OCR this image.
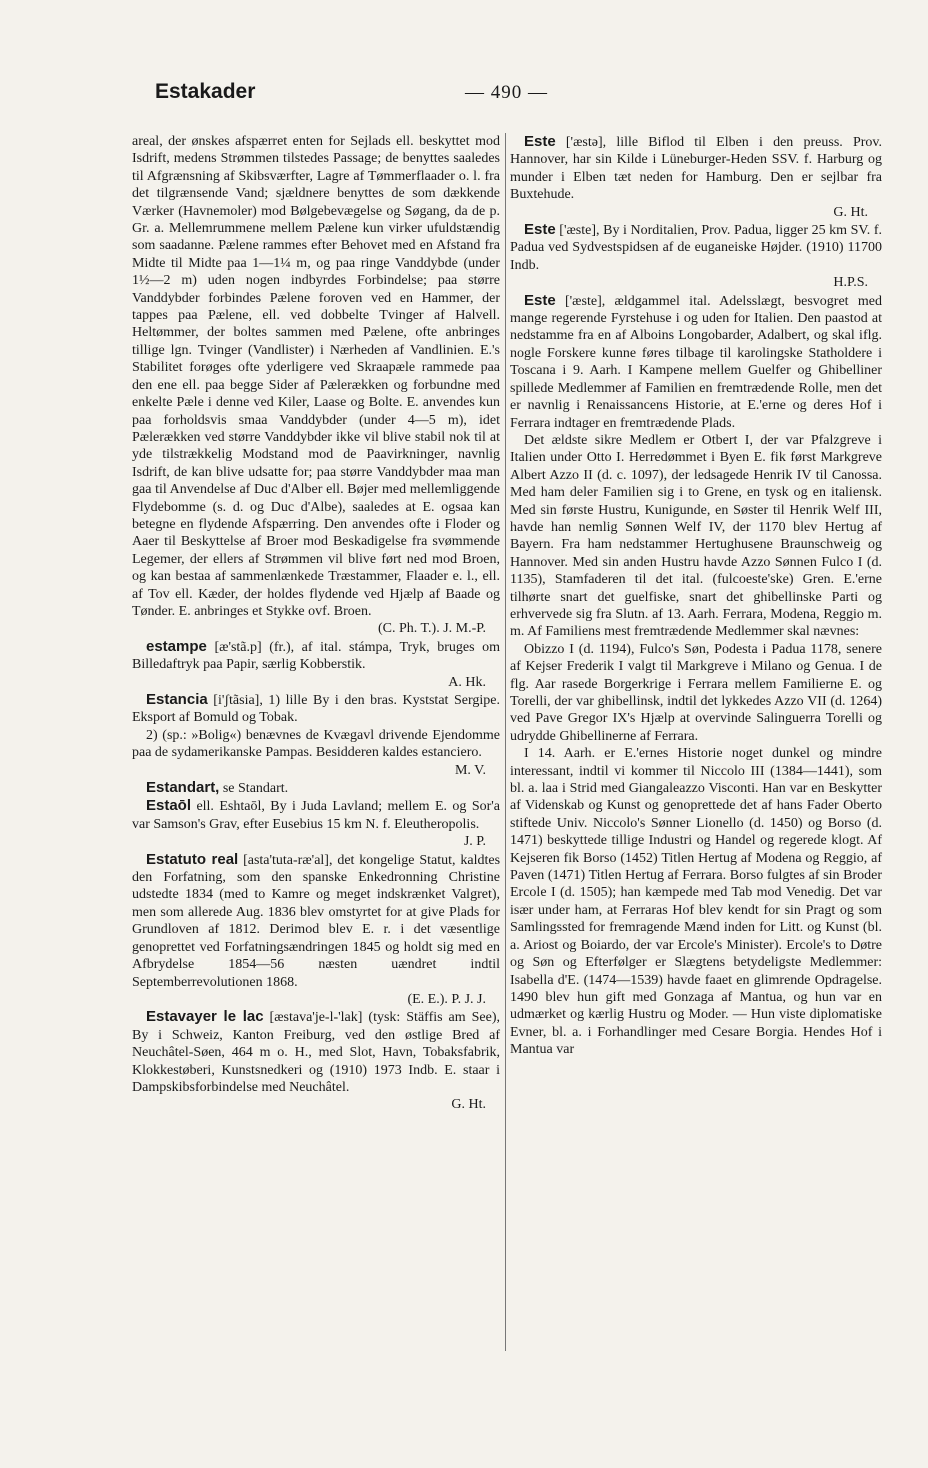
Estakader	— 490 —

areal, der ønskes afspærret enten for Sejlads ell. beskyttet mod Isdrift, medens Strømmen tilstedes Passage; de benyttes saaledes til Afgrænsning af Skibsværfter, Lagre af Tømmerflaader o. l. fra det tilgrænsende Vand; sjældnere benyttes de som dækkende Værker (Havnemoler) mod Bølgebevægelse og Søgang, da de p. Gr. a. Mellemrummene mellem Pælene kun virker ufuldstændig som saadanne. Pælene rammes efter Behovet med en Afstand fra Midte til Midte paa 1—1¼ m, og paa ringe Vanddybde (under 1½—2 m) uden nogen indbyrdes Forbindelse; paa større Vanddybder forbindes Pælene foroven ved en Hammer, der tappes paa Pælene, ell. ved dobbelte Tvinger af Halvell. Heltømmer, der boltes sammen med Pælene, ofte anbringes tillige lgn. Tvinger (Vandlister) i Nærheden af Vandlinien. E.'s Stabilitet forøges ofte yderligere ved Skraapæle rammede paa den ene ell. paa begge Sider af Pælerækken og forbundne med enkelte Pæle i denne ved Kiler, Laase og Bolte. E. anvendes kun paa forholdsvis smaa Vanddybder (under 4—5 m), idet Pælerækken ved større Vanddybder ikke vil blive stabil nok til at yde tilstrækkelig Modstand mod de Paavirkninger, navnlig Isdrift, de kan blive udsatte for; paa større Vanddybder maa man gaa til Anvendelse af Duc d'Alber ell. Bøjer med mellemliggende Flydebomme (s. d. og Duc d'Albe), saaledes at E. ogsaa kan betegne en flydende Afspærring. Den anvendes ofte i Floder og Aaer til Beskyttelse af Broer mod Beskadigelse fra svømmende Legemer, der ellers af Strømmen vil blive ført ned mod Broen, og kan bestaa af sammenlænkede Træstammer, Flaader e. l., ell. af Tov ell. Kæder, der holdes flydende ved Hjælp af Baade og Tønder. E. anbringes et Stykke ovf. Broen.

(C. Ph. T.). J. M.-P.

estampe [æ'stã.p] (fr.), af ital. stámpa, Tryk, bruges om Billedaftryk paa Papir, særlig Kobberstik.

A. Hk.

Estancia [i'ʃtãsia], 1) lille By i den bras. Kyststat Sergipe. Eksport af Bomuld og Tobak.

2) (sp.: »Bolig«) benævnes de Kvægavl drivende Ejendomme paa de sydamerikanske Pampas. Besidderen kaldes estanciero.

M. V.

Estandart, se Standart.

Estaōl ell. Eshtaōl, By i Juda Lavland; mellem E. og Sor'a var Samson's Grav, efter Eusebius 15 km N. f. Eleutheropolis.

J. P.

Estatuto real [asta'tuta-ræ'al], det kongelige Statut, kaldtes den Forfatning, som den spanske Enkedronning Christine udstedte 1834 (med to Kamre og meget indskrænket Valgret), men som allerede Aug. 1836 blev omstyrtet for at give Plads for Grundloven af 1812. Derimod blev E. r. i det væsentlige genoprettet ved Forfatningsændringen 1845 og holdt sig med en Afbrydelse 1854—56 næsten uændret indtil Septemberrevolutionen 1868.

(E. E.). P. J. J.

Estavayer le lac [æstava'je-l-'lak] (tysk: Stäffis am See), By i Schweiz, Kanton Freiburg, ved den østlige Bred af Neuchâtel-Søen, 464 m o. H., med Slot, Havn, Tobaksfabrik, Klokkestøberi, Kunstsnedkeri og (1910) 1973 Indb. E. staar i Dampskibsforbindelse med Neuchâtel.

G. Ht.

Este ['æstə], lille Biflod til Elben i den preuss. Prov. Hannover, har sin Kilde i Lüneburger-Heden SSV. f. Harburg og munder i Elben tæt neden for Hamburg. Den er sejlbar fra Buxtehude.

G. Ht.

Este ['æste], By i Norditalien, Prov. Padua, ligger 25 km SV. f. Padua ved Sydvestspidsen af de euganeiske Højder. (1910) 11700 Indb.

H.P.S.

Este ['æste], ældgammel ital. Adelsslægt, besvogret med mange regerende Fyrstehuse i og uden for Italien. Den paastod at nedstamme fra en af Alboins Longobarder, Adalbert, og skal iflg. nogle Forskere kunne føres tilbage til karolingske Statholdere i Toscana i 9. Aarh. I Kampene mellem Guelfer og Ghibelliner spillede Medlemmer af Familien en fremtrædende Rolle, men det er navnlig i Renaissancens Historie, at E.'erne og deres Hof i Ferrara indtager en fremtrædende Plads.

Det ældste sikre Medlem er Otbert I, der var Pfalzgreve i Italien under Otto I. Herredømmet i Byen E. fik først Markgreve Albert Azzo II (d. c. 1097), der ledsagede Henrik IV til Canossa. Med ham deler Familien sig i to Grene, en tysk og en italiensk. Med sin første Hustru, Kunigunde, en Søster til Henrik Welf III, havde han nemlig Sønnen Welf IV, der 1170 blev Hertug af Bayern. Fra ham nedstammer Hertughusene Braunschweig og Hannover. Med sin anden Hustru havde Azzo Sønnen Fulco I (d. 1135), Stamfaderen til det ital. (fulcoeste'ske) Gren. E.'erne tilhørte snart det guelfiske, snart det ghibellinske Parti og erhvervede sig fra Slutn. af 13. Aarh. Ferrara, Modena, Reggio m. m. Af Familiens mest fremtrædende Medlemmer skal nævnes:

Obizzo I (d. 1194), Fulco's Søn, Podesta i Padua 1178, senere af Kejser Frederik I valgt til Markgreve i Milano og Genua. I de flg. Aar rasede Borgerkrige i Ferrara mellem Familierne E. og Torelli, der var ghibellinsk, indtil det lykkedes Azzo VII (d. 1264) ved Pave Gregor IX's Hjælp at overvinde Salinguerra Torelli og udrydde Ghibellinerne af Ferrara.

I 14. Aarh. er E.'ernes Historie noget dunkel og mindre interessant, indtil vi kommer til Niccolo III (1384—1441), som bl. a. laa i Strid med Giangaleazzo Visconti. Han var en Beskytter af Videnskab og Kunst og genoprettede det af hans Fader Oberto stiftede Univ. Niccolo's Sønner Lionello (d. 1450) og Borso (d. 1471) beskyttede tillige Industri og Handel og regerede klogt. Af Kejseren fik Borso (1452) Titlen Hertug af Modena og Reggio, af Paven (1471) Titlen Hertug af Ferrara. Borso fulgtes af sin Broder Ercole I (d. 1505); han kæmpede med Tab mod Venedig. Det var især under ham, at Ferraras Hof blev kendt for sin Pragt og som Samlingssted for fremragende Mænd inden for Litt. og Kunst (bl. a. Ariost og Boiardo, der var Ercole's Minister). Ercole's to Døtre og Søn og Efterfølger er Slægtens betydeligste Medlemmer: Isabella d'E. (1474—1539) havde faaet en glimrende Opdragelse. 1490 blev hun gift med Gonzaga af Mantua, og hun var en udmærket og kærlig Hustru og Moder. — Hun viste diplomatiske Evner, bl. a. i Forhandlinger med Cesare Borgia. Hendes Hof i Mantua var
